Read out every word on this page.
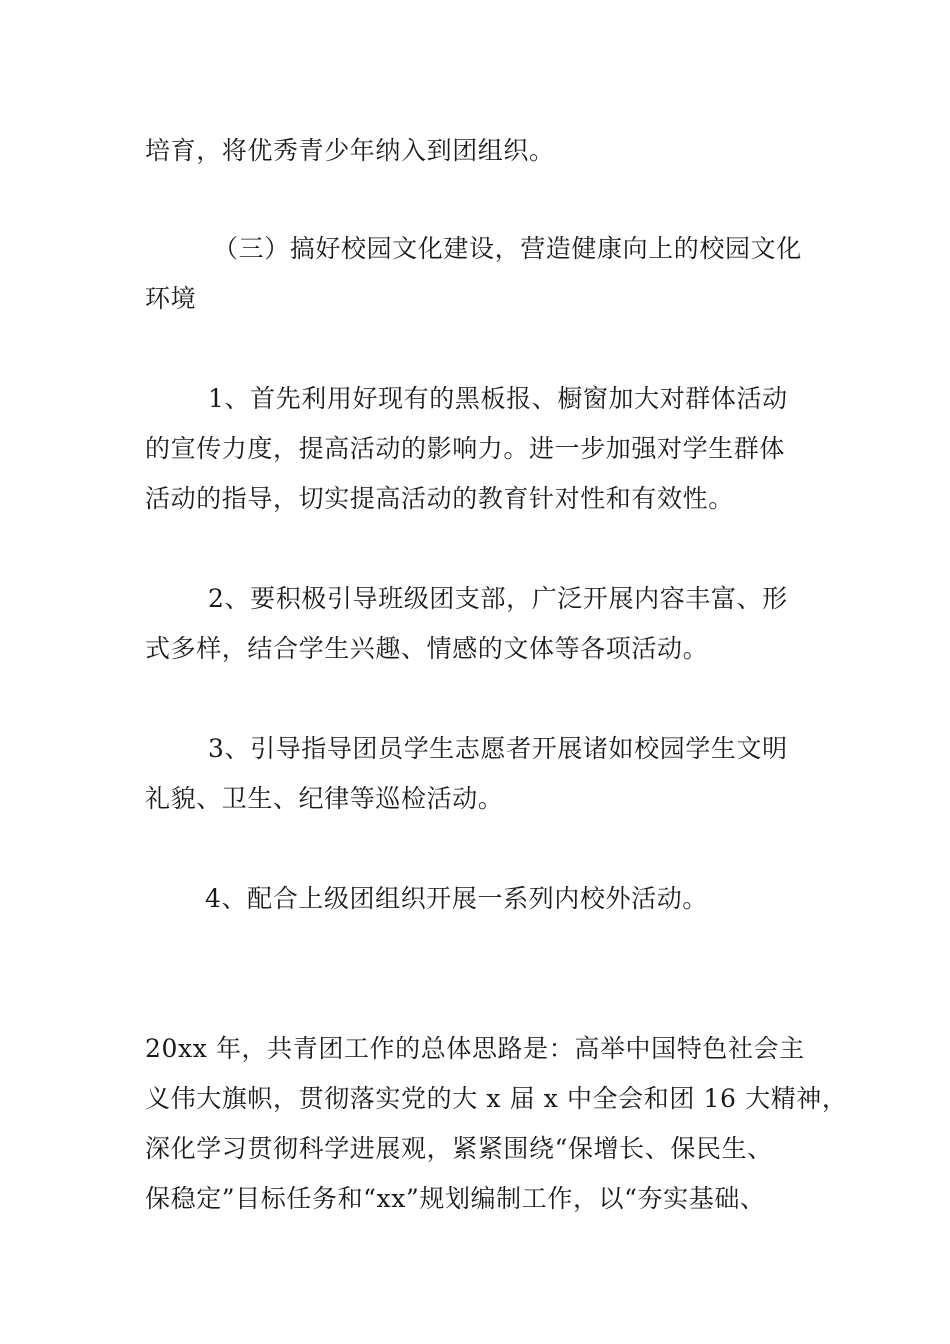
培育，将优秀青少年纳入到团组织。
（三）搞好校园文化建设，营造健康向上的校园文化
环境
1、首先利用好现有的黑板报、橱窗加大对群体活动
的宣传力度，提高活动的影响力。进一步加强对学生群体
活动的指导，切实提高活动的教育针对性和有效性。
2、要积极引导班级团支部，广泛开展内容丰富、形
式多样，结合学生兴趣、情感的文体等各项活动。
3、引导指导团员学生志愿者开展诸如校园学生文明
礼貌、卫生、纪律等巡检活动。
4、配合上级团组织开展一系列内校外活动。
20xx 年，共青团工作的总体思路是：高举中国特色社会主
义伟大旗帜，贯彻落实党的大 x 届 x 中全会和团 16 大精神，
深化学习贯彻科学进展观，紧紧围绕“保增长、保民生、
保稳定”目标任务和“xx”规划编制工作，以“夯实基础、
